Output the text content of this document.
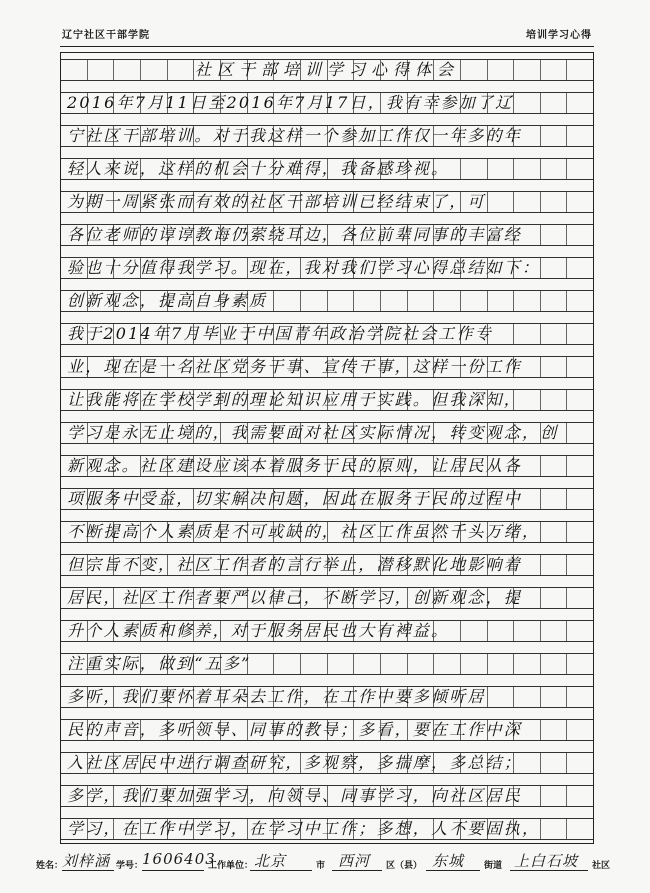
辽宁社区干部学院	培训学习心得
社区干部培训学习心得体会
2016年7月11日至2016年7月17日，我有幸参加了辽
宁社区干部培训。对于我这样一个参加工作仅一年多的年
轻人来说，这样的机会十分难得，我备感珍视。
为期一周紧张而有效的社区干部培训已经结束了，可
各位老师的谆谆教诲仍萦绕耳边，各位前辈同事的丰富经
验也十分值得我学习。现在，我对我们学习心得总结如下：
创新观念，提高自身素质
我于2014年7月毕业于中国青年政治学院社会工作专
业，现在是一名社区党务干事、宣传干事，这样一份工作
让我能将在学校学到的理论知识应用于实践。但我深知，
学习是永无止境的，我需要面对社区实际情况，转变观念，创
新观念。社区建设应该本着服务于民的原则，让居民从各
项服务中受益，切实解决问题，因此在服务于民的过程中
不断提高个人素质是不可或缺的，社区工作虽然千头万绪，
但宗旨不变，社区工作者的言行举止，潜移默化地影响着
居民，社区工作者要严以律己，不断学习，创新观念，提
升个人素质和修养，对于服务居民也大有裨益。
注重实际，做到“五多”
多听，我们要怀着耳朵去工作，在工作中要多倾听居
民的声音，多听领导、同事的教导；多看，要在工作中深
入社区居民中进行调查研究，多观察，多揣摩，多总结；
多学，我们要加强学习，向领导、同事学习，向社区居民
学习，在工作中学习，在学习中工作；多想，人不要固执，
姓名：
刘梓涵 学号：
1606403
工作单位： 北京	市 西河 区（县） 东城 街道 上白石坡 社区
